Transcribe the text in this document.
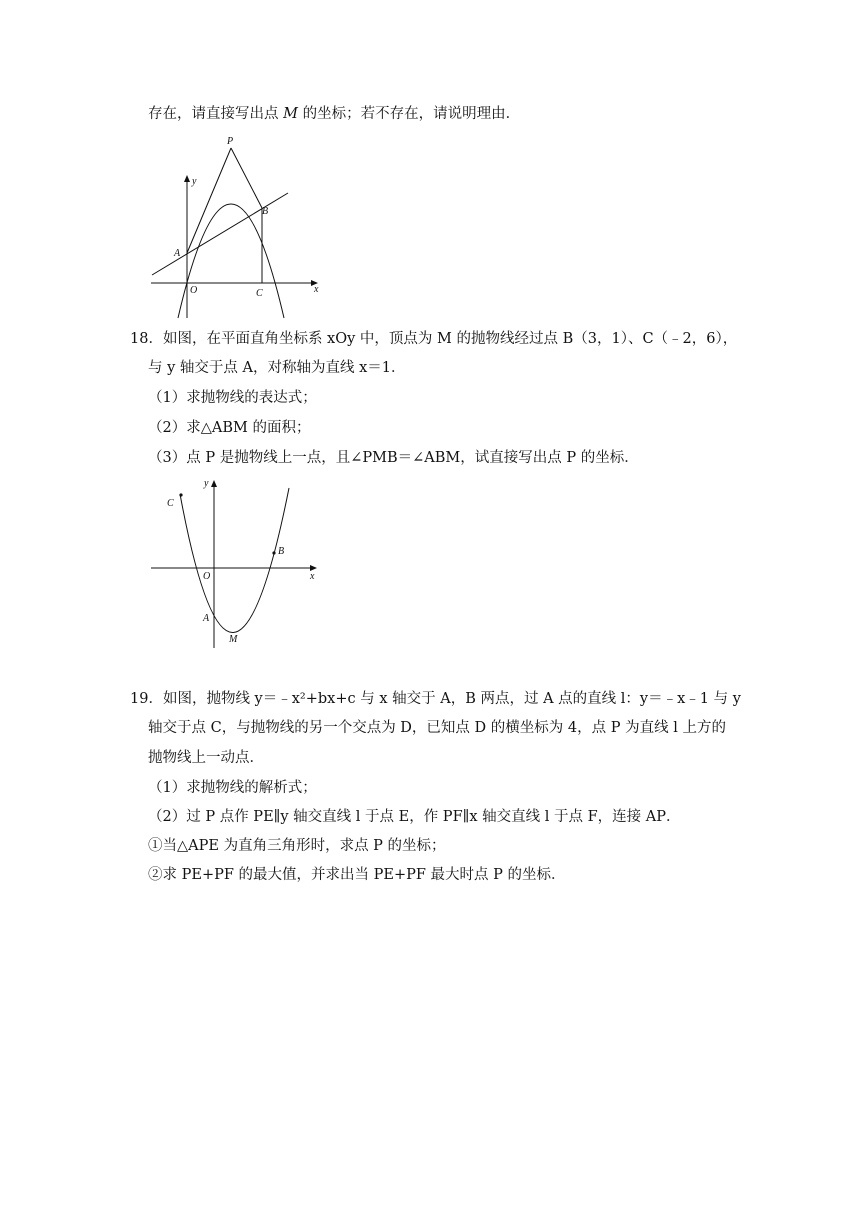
存在，请直接写出点 M 的坐标；若不存在，请说明理由．
P
B
A
O	C	x
y
18．如图，在平面直角坐标系 xOy 中，顶点为 M 的抛物线经过点 B（3，1）、C（﹣2，6），
与 y 轴交于点 A，对称轴为直线 x＝1．
（1）求抛物线的表达式；
（2）求△ABM 的面积；
（3）点 P 是抛物线上一点，且∠PMB＝∠ABM，试直接写出点 P 的坐标．
C
y
B
O	x
A
M
19．如图，抛物线 y＝﹣x²+bx+c 与 x 轴交于 A，B 两点，过 A 点的直线 l：y＝﹣x﹣1 与 y
轴交于点 C，与抛物线的另一个交点为 D，已知点 D 的横坐标为 4，点 P 为直线 l 上方的
抛物线上一动点．
（1）求抛物线的解析式；
（2）过 P 点作 PE∥y 轴交直线 l 于点 E，作 PF∥x 轴交直线 l 于点 F，连接 AP．
①当△APE 为直角三角形时，求点 P 的坐标；
②求 PE+PF 的最大值，并求出当 PE+PF 最大时点 P 的坐标．
